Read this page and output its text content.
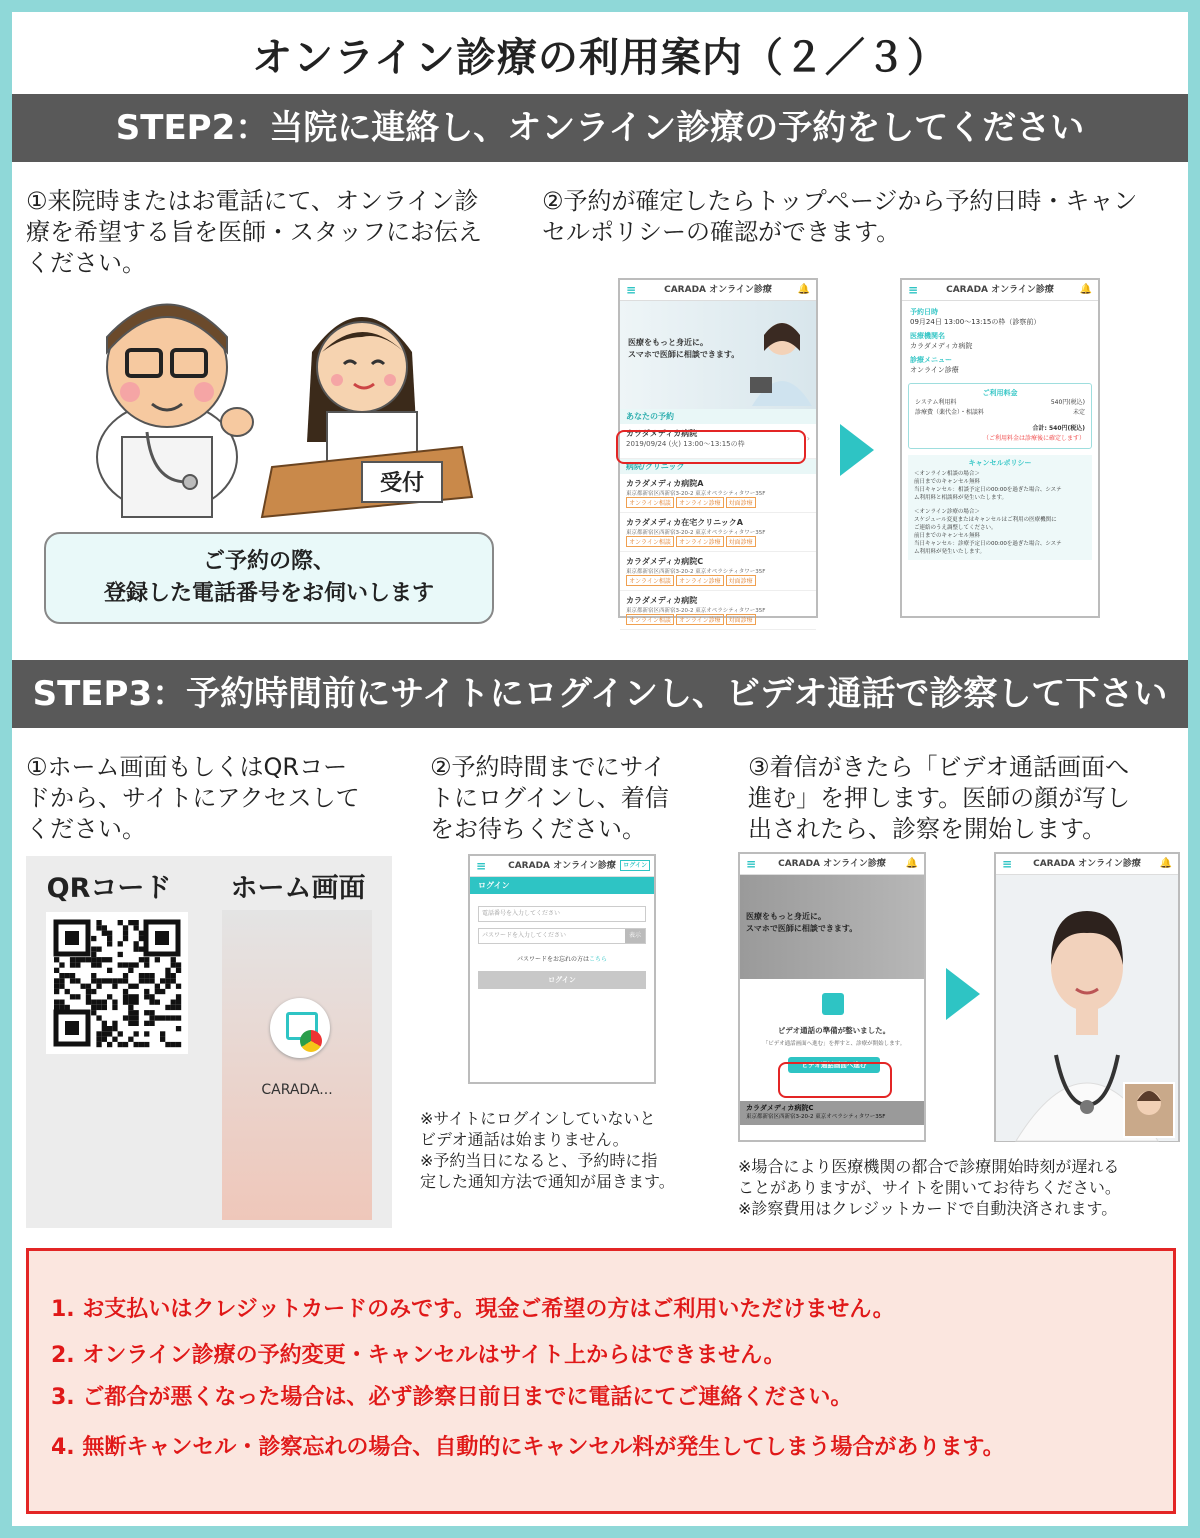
オンライン診療の利用案内（２／３）
STEP2：当院に連絡し、オンライン診療の予約をしてください
①来院時またはお電話にて、オンライン診
療を希望する旨を医師・スタッフにお伝え
ください。
②予約が確定したらトップページから予約日時・キャン
セルポリシーの確認ができます。
受付
ご予約の際、
登録した電話番号をお伺いします
≡	CARADA オンライン診療	🔔
医療をもっと身近に。
スマホで医師に相談できます。
あなたの予約
カラダメディカ病院
2019/09/24 (火) 13:00〜13:15の枠
›
病院/クリニック
カラダメディカ病院A
東京都新宿区西新宿3-20-2 東京オペラシティタワー35F
オンライン相談 オンライン診療 対面診療
カラダメディカ在宅クリニックA
東京都新宿区西新宿3-20-2 東京オペラシティタワー35F
オンライン相談 オンライン診療 対面診療
カラダメディカ病院C
東京都新宿区西新宿3-20-2 東京オペラシティタワー35F
オンライン相談 オンライン診療 対面診療
カラダメディカ病院
東京都新宿区西新宿3-20-2 東京オペラシティタワー35F
オンライン相談 オンライン診療 対面診療
≡	CARADA オンライン診療	🔔
予約日時
09月24日 13:00〜13:15の枠（診察前）
医療機関名
カラダメディカ病院
診療メニュー
オンライン診療
ご利用料金
システム利用料	540円(税込)
診療費（薬代金）・相談料	未定
合計: 540円(税込)
（ご利用料金は診療後に確定します）
キャンセルポリシー
＜オンライン相談の場合＞
前日までのキャンセル無料
当日キャンセル：相談予定日の00:00を過ぎた場合、システ
ム利用料と相談料が発生いたします。
＜オンライン診療の場合＞
スケジュール変更またはキャンセルはご利用の医療機関に
ご連絡のうえ調整してください。
前日までのキャンセル無料
当日キャンセル：診療予定日の00:00を過ぎた場合、システ
ム利用料が発生いたします。
STEP3：予約時間前にサイトにログインし、ビデオ通話で診察して下さい
①ホーム画面もしくはQRコー
ドから、サイトにアクセスして
ください。
②予約時間までにサイ
トにログインし、着信
をお待ちください。
③着信がきたら「ビデオ通話画面へ
進む」を押します。医師の顔が写し
出されたら、診察を開始します。
QRコード	ホーム画面
CARADA...
≡ CARADA オンライン診療	ログイン
ログイン
電話番号を入力してください
パスワードを入力してください	表示
パスワードをお忘れの方はこちら
ログイン
※サイトにログインしていないと
ビデオ通話は始まりません。
※予約当日になると、予約時に指
定した通知方法で通知が届きます。
≡ CARADA オンライン診療 🔔
医療をもっと身近に。
スマホで医師に相談できます。
ビデオ通話の準備が整いました。
「ビデオ通話画面へ進む」を押すと、診療が開始します。
ビデオ通話画面へ進む
カラダメディカ病院C
東京都新宿区西新宿3-20-2 東京オペラシティタワー35F
≡ CARADA オンライン診療 🔔
※場合により医療機関の都合で診療開始時刻が遅れる
ことがありますが、サイトを開いてお待ちください。
※診察費用はクレジットカードで自動決済されます。
1. お支払いはクレジットカードのみです。現金ご希望の方はご利用いただけません。
2. オンライン診療の予約変更・キャンセルはサイト上からはできません。
3. ご都合が悪くなった場合は、必ず診察日前日までに電話にてご連絡ください。
4. 無断キャンセル・診察忘れの場合、自動的にキャンセル料が発生してしまう場合があります。
